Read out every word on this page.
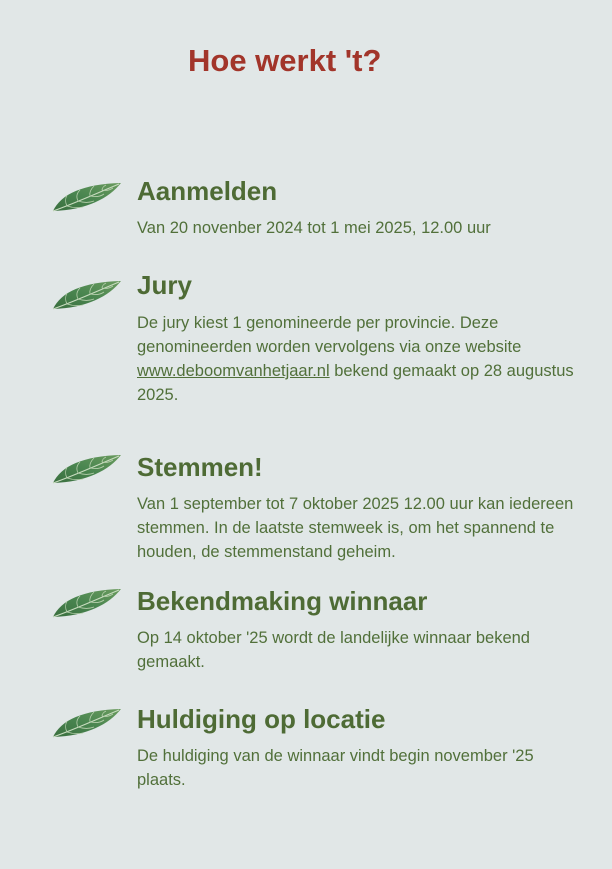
Hoe werkt 't?
Aanmelden

Van 20 novenber 2024 tot 1 mei 2025, 12.00 uur

Jury

De jury kiest 1 genomineerde per provincie. Deze genomineerden worden vervolgens via onze website www.deboomvanhetjaar.nl bekend gemaakt op 28 augustus 2025.

Stemmen!

Van 1 september tot 7 oktober 2025 12.00 uur kan iedereen stemmen. In de laatste stemweek is, om het spannend te houden, de stemmenstand geheim.

Bekendmaking winnaar

Op 14 oktober '25 wordt de landelijke winnaar bekend gemaakt.

Huldiging op locatie

De huldiging van de winnaar vindt begin november '25 plaats.
